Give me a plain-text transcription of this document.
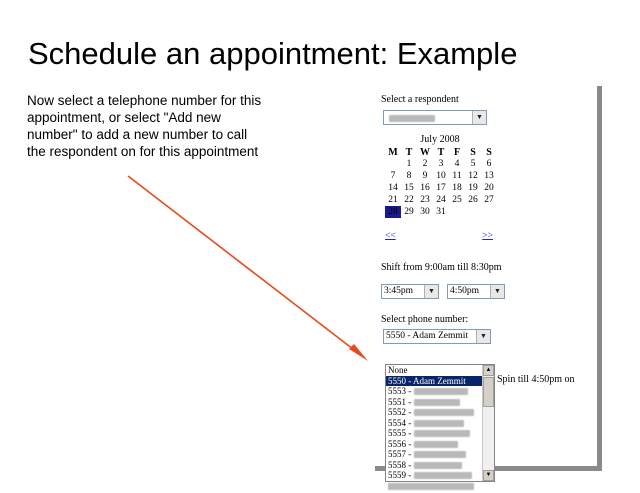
Schedule an appointment: Example
Now select a telephone number for this appointment, or select "Add new number" to add a new number to call the respondent on for this appointment
Select a respondent
▼
July 2008
M	T	W	T	F	S	S
	1	2	3	4	5	6
7	8	9	10	11	12	13
14	15	16	17	18	19	20
21	22	23	24	25	26	27
28	29	30	31			
<<	>>
Shift from 9:00am till 8:30pm
3:45pm	▼	4:50pm	▼
Select phone number:
5550 - Adam Zemmit	▼
None
5550 - Adam Zemmit
5553 -
5551 -
5552 -
5554 -
5555 -
5556 -
5557 -
5558 -
5559 -
▲
▼
Spin till 4:50pm on
